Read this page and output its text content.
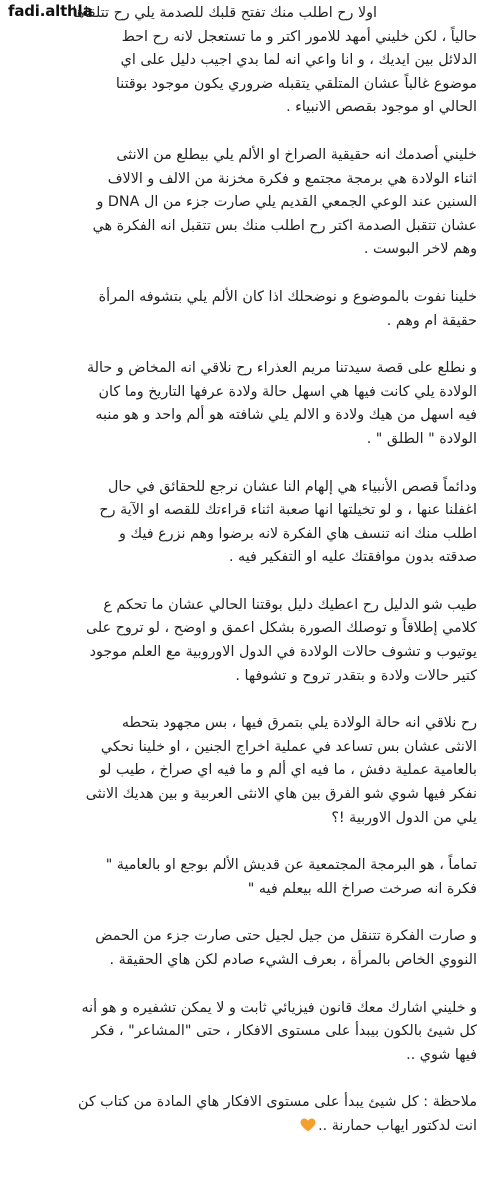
fadi.althla	اولا رح اطلب منك تفتح قلبك للصدمة يلي رح تتلقاها
حالياً ، لكن خليني أمهد للامور اكتر و ما تستعجل لانه رح احط
الدلائل بين ايديك ، و انا واعي انه لما بدي اجيب دليل على اي
موضوع غالباً عشان المتلقي يتقبله ضروري يكون موجود بوقتنا
الحالي او موجود بقصص الانبياء .

خليني أصدمك انه حقيقية الصراخ او الألم يلي بيطلع من الانثى
اثناء الولادة هي برمجة مجتمع و فكرة مخزنة من الالف و الالاف
السنين عند الوعي الجمعي القديم يلي صارت جزء من ال DNA و
عشان تتقبل الصدمة اكتر رح اطلب منك بس تتقبل انه الفكرة هي
وهم لاخر البوست .

خلينا نفوت بالموضوع و نوضحلك اذا كان الألم يلي بتشوفه المرأة
حقيقة ام وهم .

و نطلع على قصة سيدتنا مريم العذراء رح نلاقي انه المخاض و حالة
الولادة يلي كانت فيها هي اسهل حالة ولادة عرفها التاريخ وما كان
فيه اسهل من هيك ولادة و الالم يلي شافته هو ألم واحد و هو منبه
الولادة " الطلق " .

ودائماً قصص الأنبياء هي إلهام النا عشان نرجع للحقائق في حال
اغفلنا عنها ، و لو تخيلتها انها صعبة اثناء قراءتك للقصه او الآية رح
اطلب منك انه تنسف هاي الفكرة لانه برضوا وهم نزرع فيك و
صدقته بدون موافقتك عليه او التفكير فيه .

طيب شو الدليل رح اعطيك دليل بوقتنا الحالي عشان ما تحكم ع
كلامي إطلاقاً و توصلك الصورة بشكل اعمق و اوضح ، لو تروح على
يوتيوب و تشوف حالات الولادة في الدول الاوروبية مع العلم موجود
كتير حالات ولادة و بتقدر تروح و تشوفها .

رح نلاقي انه حالة الولادة يلي بتمرق فيها ، بس مجهود بتحطه
الانثى عشان بس تساعد في عملية اخراج الجنين ، او خلينا نحكي
بالعامية عملية دفش ، ما فيه اي ألم و ما فيه اي صراخ ، طيب لو
نفكر فيها شوي شو الفرق بين هاي الانثى العربية و بين هديك الانثى
يلي من الدول الاوربية !؟

تماماً ، هو البرمجة المجتمعية عن قديش الألم بوجع او بالعامية "
فكرة انه صرخت صراخ الله بيعلم فيه "

و صارت الفكرة تتنقل من جيل لجيل حتى صارت جزء من الحمض
النووي الخاص بالمرأة ، بعرف الشيء صادم لكن هاي الحقيقة .

و خليني اشارك معك قانون فيزيائي ثابت و لا يمكن تشفيره و هو أنه
كل شيئ بالكون بيبدأ على مستوى الافكار ، حتى "المشاعر" ، فكر
فيها شوي ..

ملاحظة : كل شيئ يبدأ على مستوى الافكار هاي المادة من كتاب كن
انت لدكتور ايهاب حمارنة ..
